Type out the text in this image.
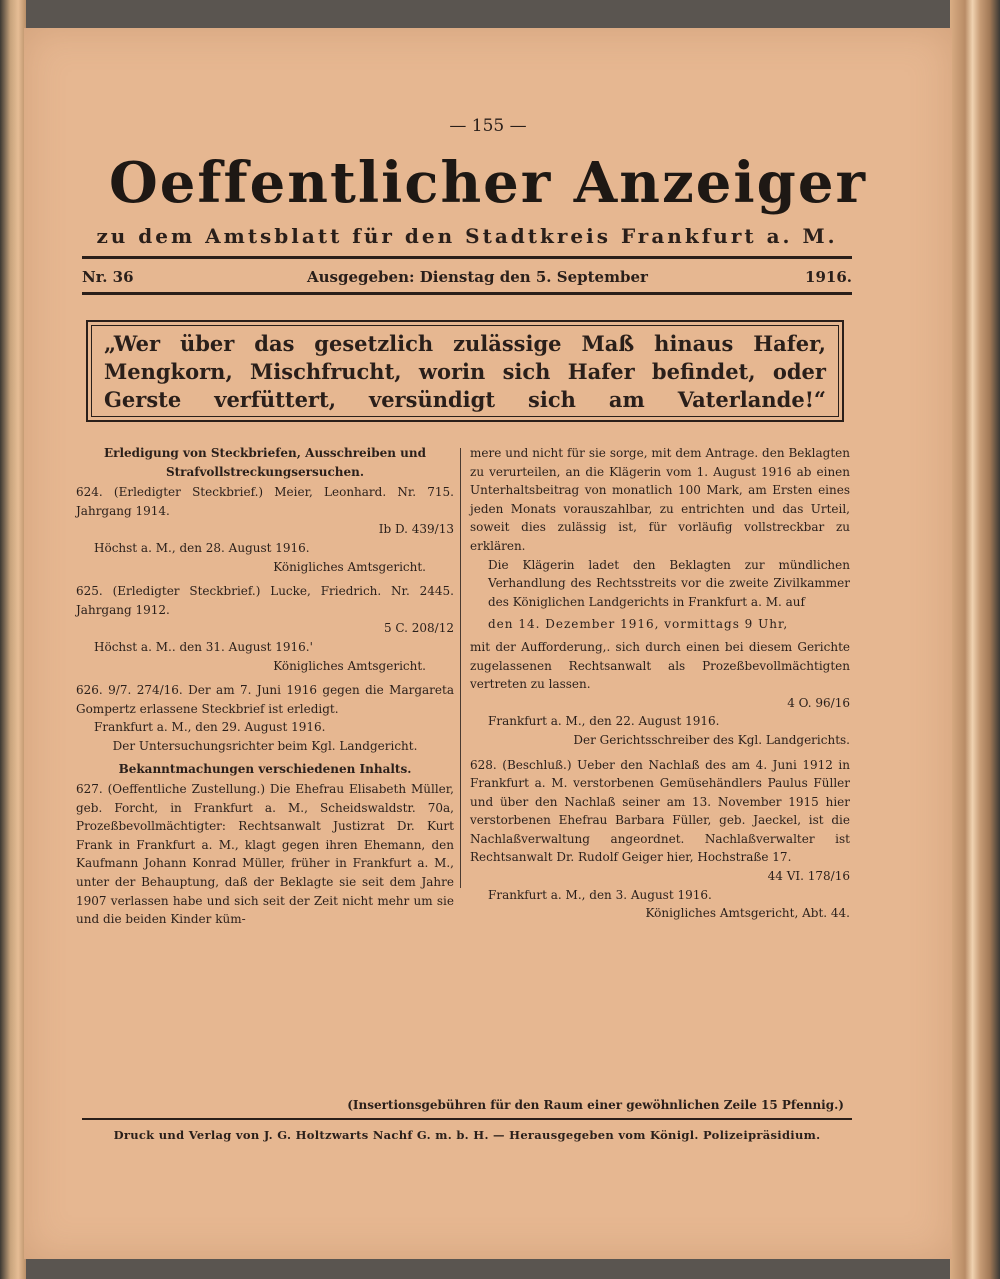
— 155 —
Oeffentlicher Anzeiger
zu dem Amtsblatt für den Stadtkreis Frankfurt a. M.
Nr. 36	Ausgegeben: Dienstag den 5. September	1916.
„Wer über das gesetzlich zulässige Maß hinaus Hafer, Mengkorn, Mischfrucht, worin sich Hafer befindet, oder Gerste verfüttert, versündigt sich am Vaterlande!“

Erledigung von Steckbriefen, Ausschreiben und Strafvollstreckungsersuchen.

624. (Erledigter Steckbrief.) Meier, Leonhard. Nr. 715. Jahrgang 1914.

Ib D. 439/13

Höchst a. M., den 28. August 1916.

Königliches Amtsgericht.

625. (Erledigter Steckbrief.) Lucke, Friedrich. Nr. 2445. Jahrgang 1912.

5 C. 208/12

Höchst a. M.. den 31. August 1916.'

Königliches Amtsgericht.

626. 9/7. 274/16. Der am 7. Juni 1916 gegen die Margareta Gompertz erlassene Steckbrief ist erledigt.

Frankfurt a. M., den 29. August 1916.

Der Untersuchungsrichter beim Kgl. Landgericht.

Bekanntmachungen verschiedenen Inhalts.

627. (Oeffentliche Zustellung.) Die Ehefrau Elisabeth Müller, geb. Forcht, in Frankfurt a. M., Scheidswaldstr. 70a, Prozeßbevollmächtigter: Rechtsanwalt Justizrat Dr. Kurt Frank in Frankfurt a. M., klagt gegen ihren Ehemann, den Kaufmann Johann Konrad Müller, früher in Frankfurt a. M., unter der Behauptung, daß der Beklagte sie seit dem Jahre 1907 verlassen habe und sich seit der Zeit nicht mehr um sie und die beiden Kinder küm-

mere und nicht für sie sorge, mit dem Antrage. den Beklagten zu verurteilen, an die Klägerin vom 1. August 1916 ab einen Unterhaltsbeitrag von monatlich 100 Mark, am Ersten eines jeden Monats vorauszahlbar, zu entrichten und das Urteil, soweit dies zulässig ist, für vorläufig vollstreckbar zu erklären.

Die Klägerin ladet den Beklagten zur mündlichen Verhandlung des Rechtsstreits vor die zweite Zivilkammer des Königlichen Landgerichts in Frankfurt a. M. auf

den 14. Dezember 1916, vormittags 9 Uhr,

mit der Aufforderung,. sich durch einen bei diesem Gerichte zugelassenen Rechtsanwalt als Prozeßbevollmächtigten vertreten zu lassen.

4 O. 96/16

Frankfurt a. M., den 22. August 1916.

Der Gerichtsschreiber des Kgl. Landgerichts.

628. (Beschluß.) Ueber den Nachlaß des am 4. Juni 1912 in Frankfurt a. M. verstorbenen Gemüsehändlers Paulus Füller und über den Nachlaß seiner am 13. November 1915 hier verstorbenen Ehefrau Barbara Füller, geb. Jaeckel, ist die Nachlaßverwaltung angeordnet. Nachlaßverwalter ist Rechtsanwalt Dr. Rudolf Geiger hier, Hochstraße 17.

44 VI. 178/16

Frankfurt a. M., den 3. August 1916.

Königliches Amtsgericht, Abt. 44.

(Insertionsgebühren für den Raum einer gewöhnlichen Zeile 15 Pfennig.)
Druck und Verlag von J. G. Holtzwarts Nachf G. m. b. H. — Herausgegeben vom Königl. Polizeipräsidium.
